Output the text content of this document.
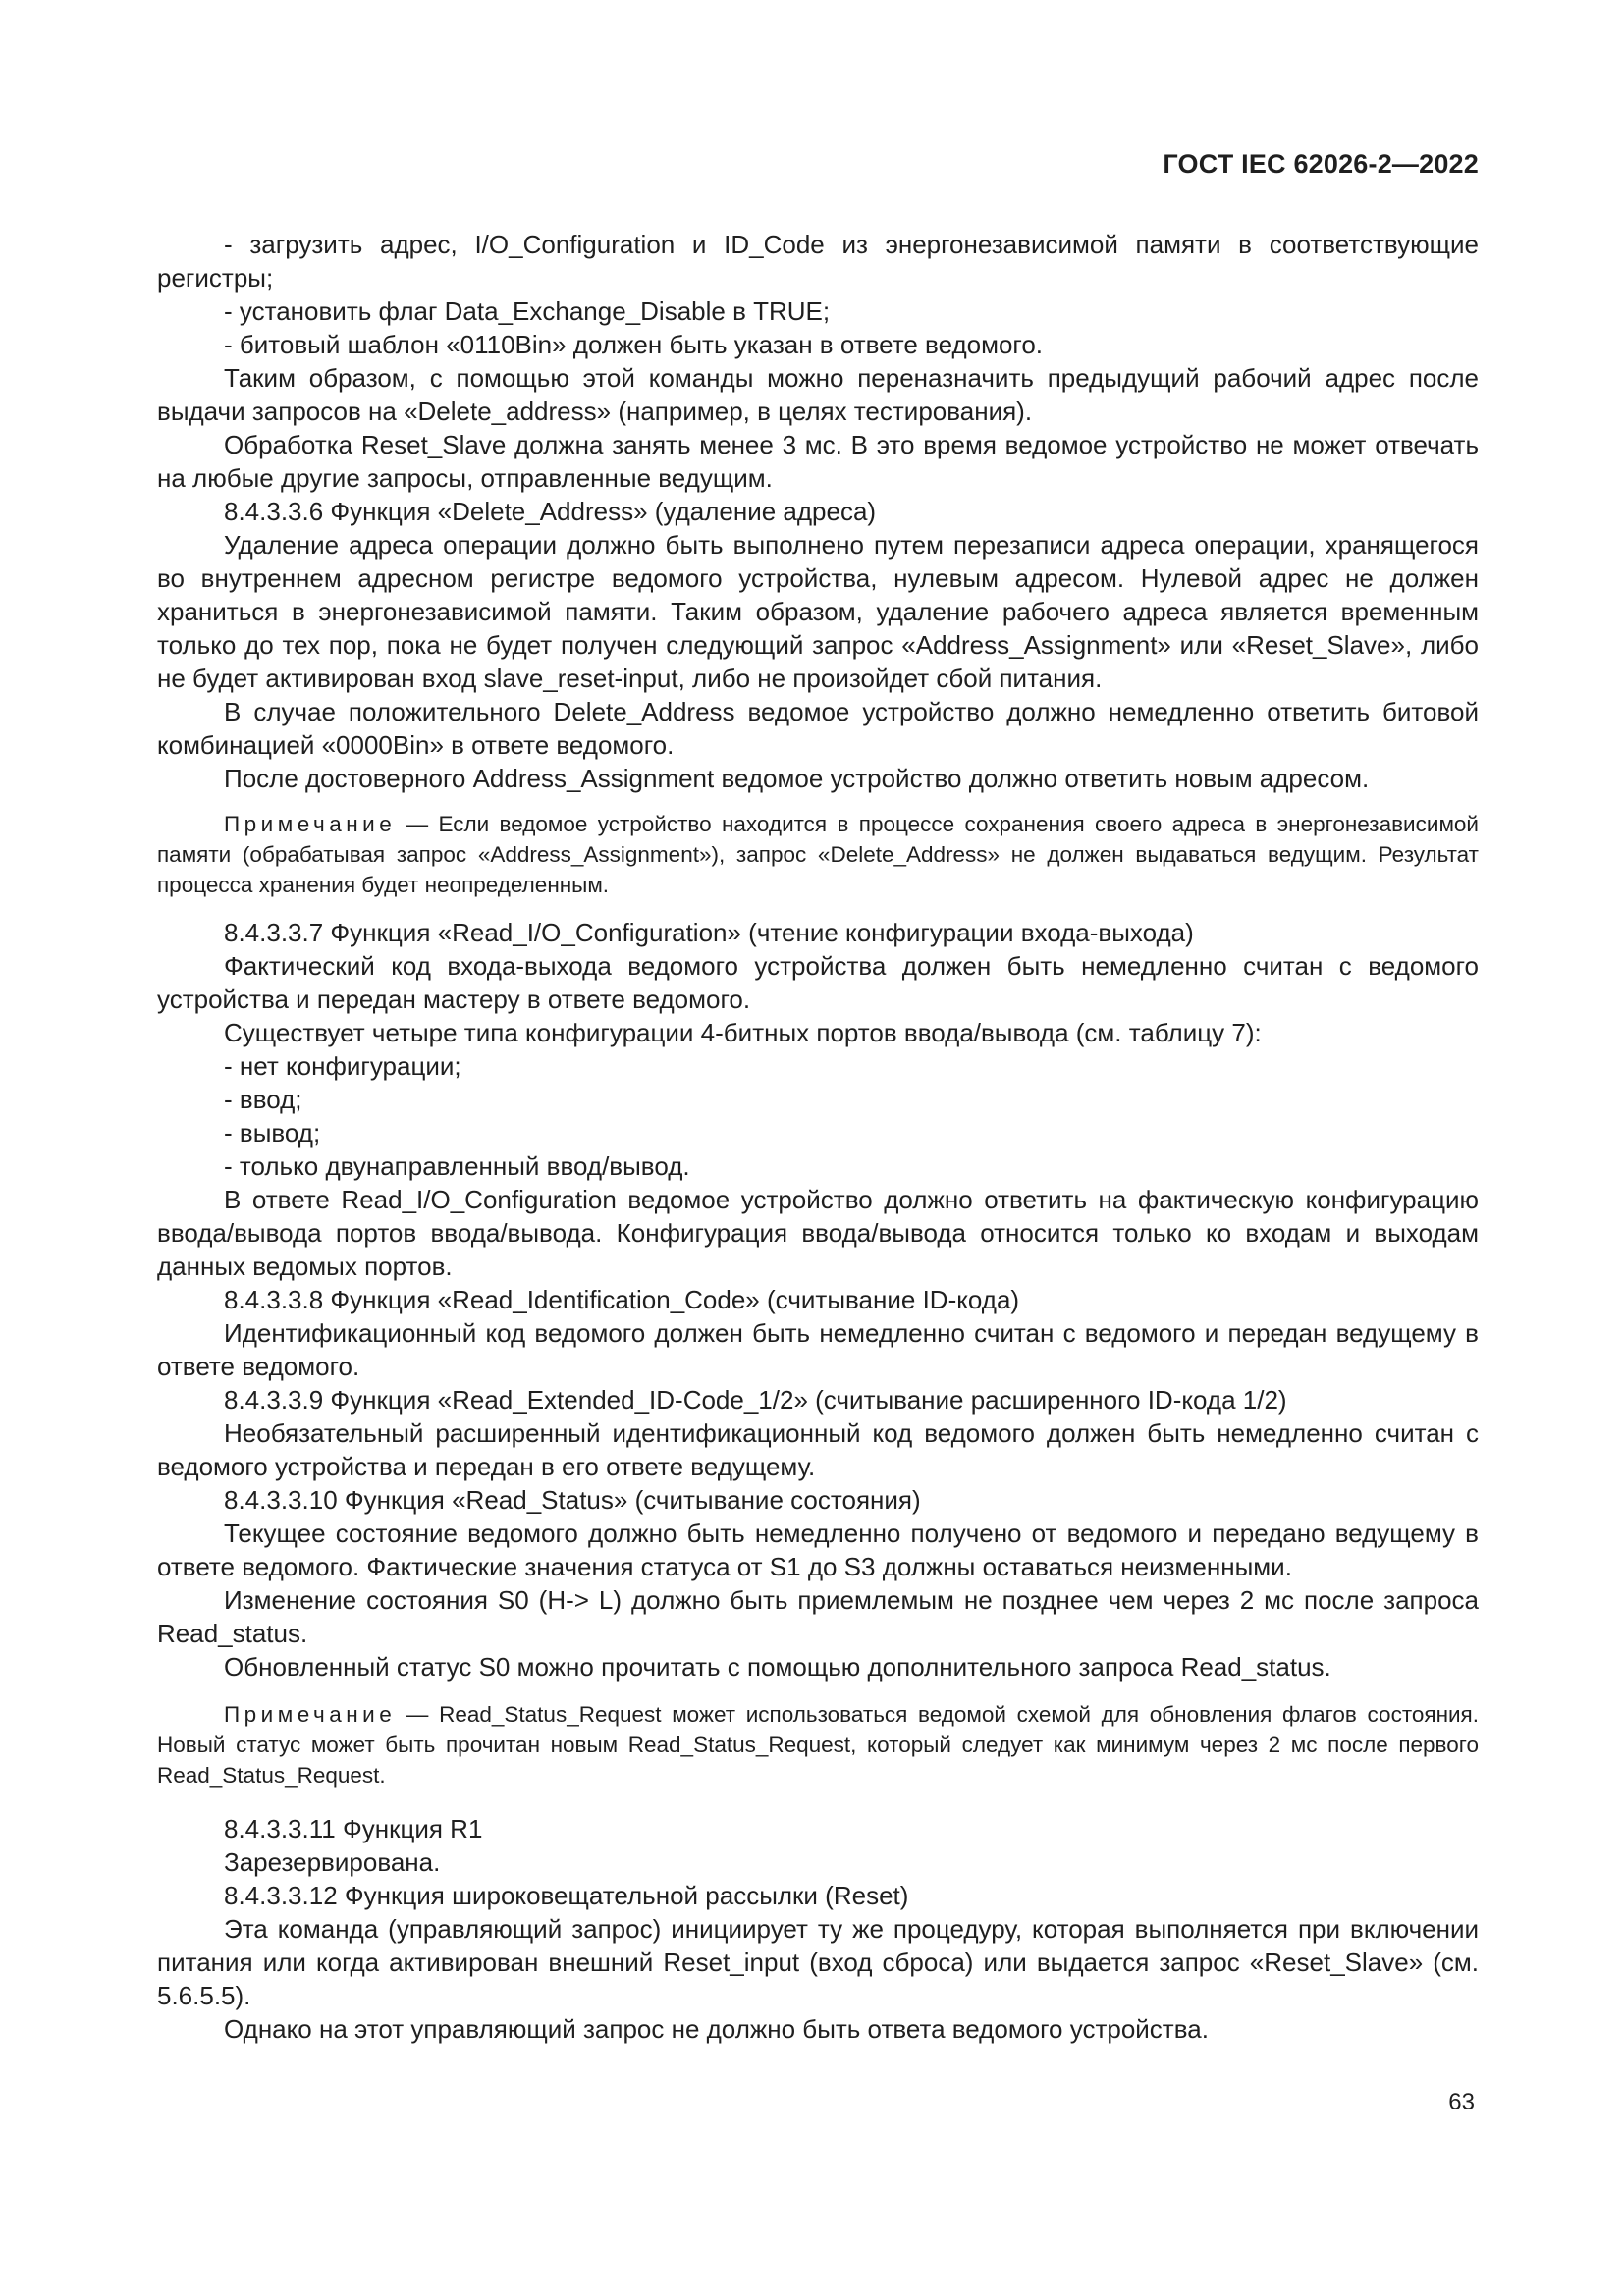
ГОСТ IEC 62026-2—2022

- загрузить адрес, I/O_Configuration и ID_Code из энергонезависимой памяти в соответствующие регистры;

- установить флаг Data_Exchange_Disable в TRUE;

- битовый шаблон «0110Bin» должен быть указан в ответе ведомого.

Таким образом, с помощью этой команды можно переназначить предыдущий рабочий адрес после выдачи запросов на «Delete_address» (например, в целях тестирования).

Обработка Reset_Slave должна занять менее 3 мс. В это время ведомое устройство не может отвечать на любые другие запросы, отправленные ведущим.

8.4.3.3.6 Функция «Delete_Address» (удаление адреса)

Удаление адреса операции должно быть выполнено путем перезаписи адреса операции, хранящегося во внутреннем адресном регистре ведомого устройства, нулевым адресом. Нулевой адрес не должен храниться в энергонезависимой памяти. Таким образом, удаление рабочего адреса является временным только до тех пор, пока не будет получен следующий запрос «Address_Assignment» или «Reset_Slave», либо не будет активирован вход slave_reset-input, либо не произойдет сбой питания.

В случае положительного Delete_Address ведомое устройство должно немедленно ответить битовой комбинацией «0000Bin» в ответе ведомого.

После достоверного Address_Assignment ведомое устройство должно ответить новым адресом.

Примечание — Если ведомое устройство находится в процессе сохранения своего адреса в энергонезависимой памяти (обрабатывая запрос «Address_Assignment»), запрос «Delete_Address» не должен выдаваться ведущим. Результат процесса хранения будет неопределенным.

8.4.3.3.7 Функция «Read_I/O_Configuration» (чтение конфигурации входа-выхода)

Фактический код входа-выхода ведомого устройства должен быть немедленно считан с ведомого устройства и передан мастеру в ответе ведомого.

Существует четыре типа конфигурации 4-битных портов ввода/вывода (см. таблицу 7):

- нет конфигурации;

- ввод;

- вывод;

- только двунаправленный ввод/вывод.

В ответе Read_I/O_Configuration ведомое устройство должно ответить на фактическую конфигурацию ввода/вывода портов ввода/вывода. Конфигурация ввода/вывода относится только ко входам и выходам данных ведомых портов.

8.4.3.3.8 Функция «Read_Identification_Code» (считывание ID-кода)

Идентификационный код ведомого должен быть немедленно считан с ведомого и передан ведущему в ответе ведомого.

8.4.3.3.9 Функция «Read_Extended_ID-Code_1/2» (считывание расширенного ID-кода 1/2)

Необязательный расширенный идентификационный код ведомого должен быть немедленно считан с ведомого устройства и передан в его ответе ведущему.

8.4.3.3.10 Функция «Read_Status» (считывание состояния)

Текущее состояние ведомого должно быть немедленно получено от ведомого и передано ведущему в ответе ведомого. Фактические значения статуса от S1 до S3 должны оставаться неизменными.

Изменение состояния S0 (H-> L) должно быть приемлемым не позднее чем через 2 мс после запроса Read_status.

Обновленный статус S0 можно прочитать с помощью дополнительного запроса Read_status.

Примечание — Read_Status_Request может использоваться ведомой схемой для обновления флагов состояния. Новый статус может быть прочитан новым Read_Status_Request, который следует как минимум через 2 мс после первого Read_Status_Request.

8.4.3.3.11 Функция R1

Зарезервирована.

8.4.3.3.12 Функция широковещательной рассылки (Reset)

Эта команда (управляющий запрос) инициирует ту же процедуру, которая выполняется при включении питания или когда активирован внешний Reset_input (вход сброса) или выдается запрос «Reset_Slave» (см. 5.6.5.5).

Однако на этот управляющий запрос не должно быть ответа ведомого устройства.

63
